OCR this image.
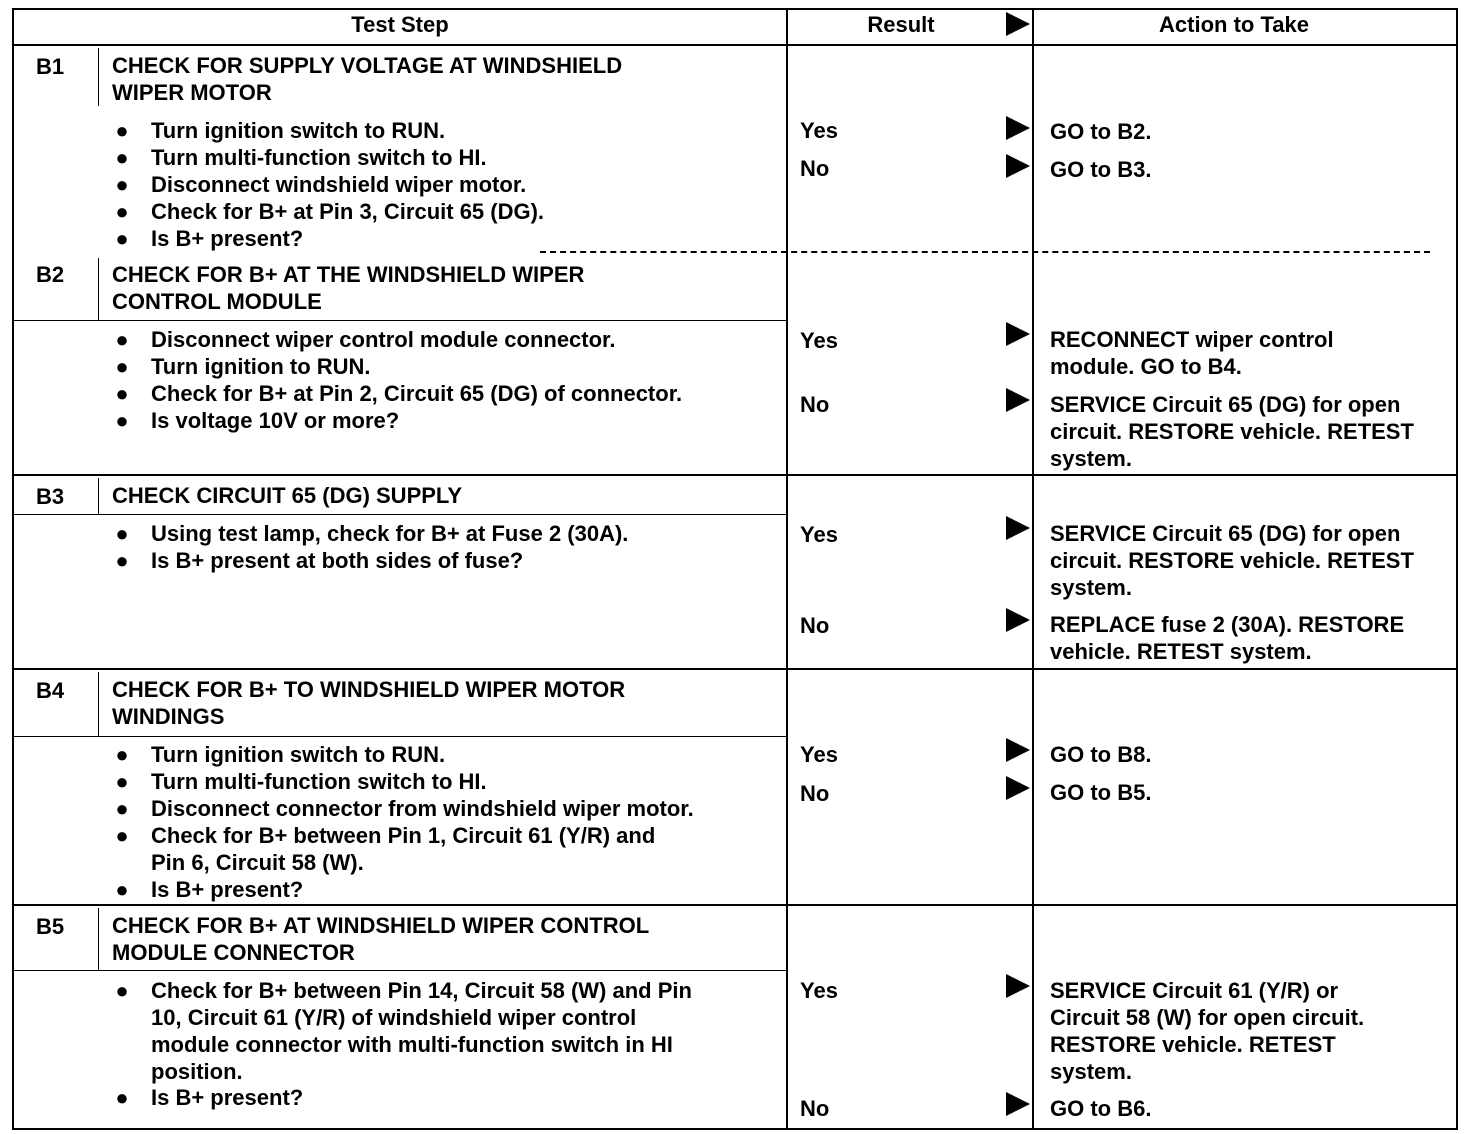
Test Step	Result	Action to Take
B1 CHECK FOR SUPPLY VOLTAGE AT WINDSHIELD
WIPER MOTOR
● Turn ignition switch to RUN.
● Turn multi-function switch to HI.
● Disconnect windshield wiper motor.
● Check for B+ at Pin 3, Circuit 65 (DG).
● Is B+ present?
Yes	GO to B2.
No	GO to B3.
B2 CHECK FOR B+ AT THE WINDSHIELD WIPER
CONTROL MODULE
● Disconnect wiper control module connector.
● Turn ignition to RUN.
● Check for B+ at Pin 2, Circuit 65 (DG) of connector.
● Is voltage 10V or more?
Yes	RECONNECT wiper control
module. GO to B4.
No	SERVICE Circuit 65 (DG) for open
circuit. RESTORE vehicle. RETEST
system.
B3 CHECK CIRCUIT 65 (DG) SUPPLY
● Using test lamp, check for B+ at Fuse 2 (30A).
● Is B+ present at both sides of fuse?
Yes	SERVICE Circuit 65 (DG) for open
circuit. RESTORE vehicle. RETEST
system.
No	REPLACE fuse 2 (30A). RESTORE
vehicle. RETEST system.
B4 CHECK FOR B+ TO WINDSHIELD WIPER MOTOR
WINDINGS
● Turn ignition switch to RUN.
● Turn multi-function switch to HI.
● Disconnect connector from windshield wiper motor.
● Check for B+ between Pin 1, Circuit 61 (Y/R) and
Pin 6, Circuit 58 (W).
● Is B+ present?
Yes	GO to B8.
No	GO to B5.
B5 CHECK FOR B+ AT WINDSHIELD WIPER CONTROL
MODULE CONNECTOR
● Check for B+ between Pin 14, Circuit 58 (W) and Pin
10, Circuit 61 (Y/R) of windshield wiper control
module connector with multi-function switch in HI
position.
● Is B+ present?
Yes	SERVICE Circuit 61 (Y/R) or
Circuit 58 (W) for open circuit.
RESTORE vehicle. RETEST
system.
No	GO to B6.
